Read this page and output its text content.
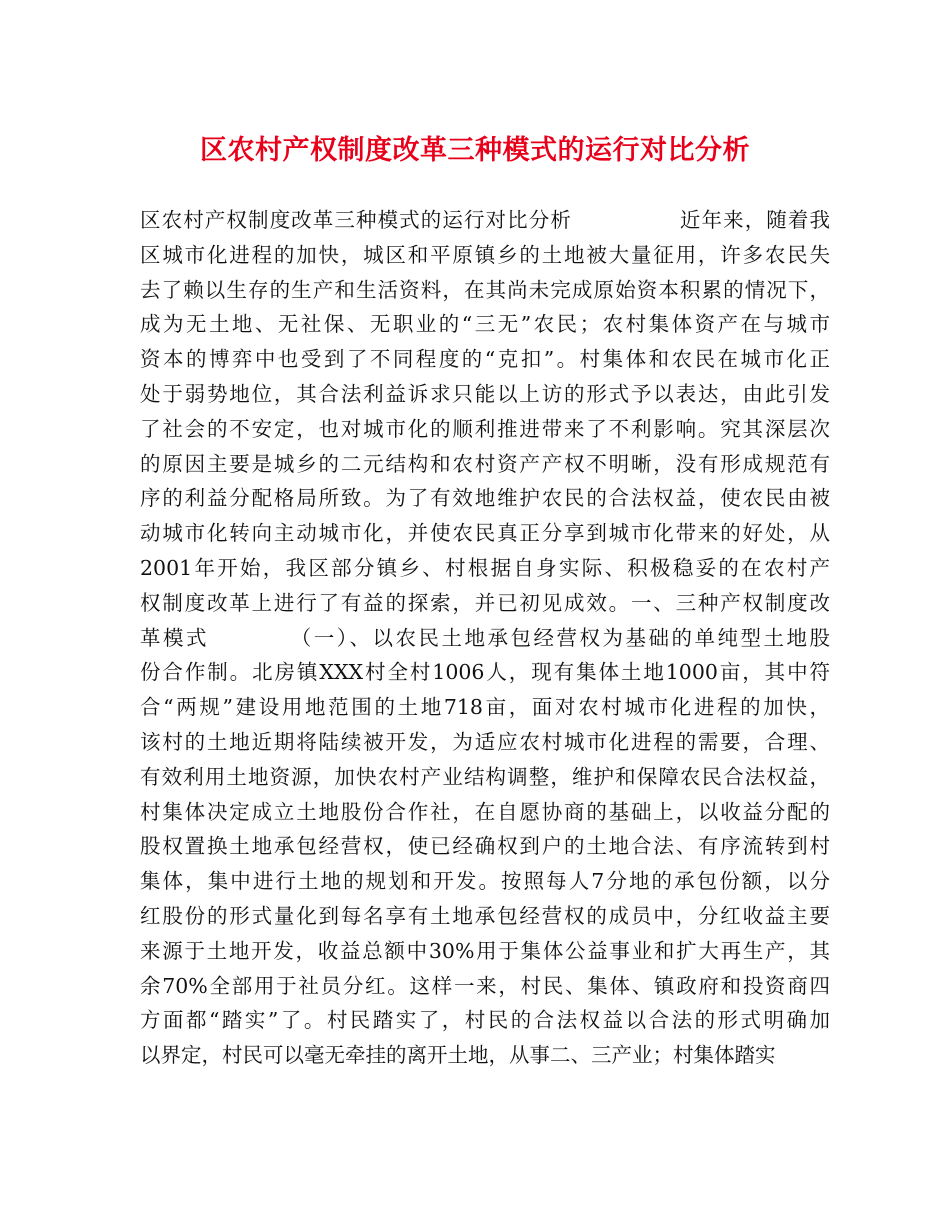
区农村产权制度改革三种模式的运行对比分析
区农村产权制度改革三种模式的运行对比分析　　　　　近年来，随着我
区城市化进程的加快，城区和平原镇乡的土地被大量征用，许多农民失
去了赖以生存的生产和生活资料，在其尚未完成原始资本积累的情况下，
成为无土地、无社保、无职业的“三无”农民；农村集体资产在与城市
资本的博弈中也受到了不同程度的“克扣”。村集体和农民在城市化正
处于弱势地位，其合法利益诉求只能以上访的形式予以表达，由此引发
了社会的不安定，也对城市化的顺利推进带来了不利影响。究其深层次
的原因主要是城乡的二元结构和农村资产产权不明晰，没有形成规范有
序的利益分配格局所致。为了有效地维护农民的合法权益，使农民由被
动城市化转向主动城市化，并使农民真正分享到城市化带来的好处，从
2001年开始，我区部分镇乡、村根据自身实际、积极稳妥的在农村产
权制度改革上进行了有益的探索，并已初见成效。一、三种产权制度改
革模式　　　　（一）、以农民土地承包经营权为基础的单纯型土地股
份合作制。北房镇XXX村全村1006人，现有集体土地1000亩，其中符
合“两规”建设用地范围的土地718亩，面对农村城市化进程的加快，
该村的土地近期将陆续被开发，为适应农村城市化进程的需要，合理、
有效利用土地资源，加快农村产业结构调整，维护和保障农民合法权益，
村集体决定成立土地股份合作社，在自愿协商的基础上，以收益分配的
股权置换土地承包经营权，使已经确权到户的土地合法、有序流转到村
集体，集中进行土地的规划和开发。按照每人7分地的承包份额，以分
红股份的形式量化到每名享有土地承包经营权的成员中，分红收益主要
来源于土地开发，收益总额中30%用于集体公益事业和扩大再生产，其
余70%全部用于社员分红。这样一来，村民、集体、镇政府和投资商四
方面都“踏实”了。村民踏实了，村民的合法权益以合法的形式明确加
以界定，村民可以毫无牵挂的离开土地，从事二、三产业；村集体踏实
